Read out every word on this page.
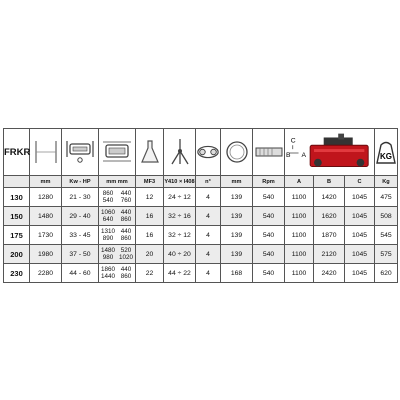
FRKR									C
B A			KG

	mm	Kw - HP	mm mm	MF3	Y410 × I408	n°	mm	Rpm	A	B	C	Kg
130	1280	21 - 30	860 440
540 760	12	24 ÷ 12	4	139	540	1100	1420	1045	475
150	1480	29 - 40	1060 440
640 860	16	32 ÷ 16	4	139	540	1100	1620	1045	508
175	1730	33 - 45	1310 440
890 860	16	32 ÷ 12	4	139	540	1100	1870	1045	545
200	1980	37 - 50	1480 520
980 1020	20	40 ÷ 20	4	139	540	1100	2120	1045	575
230	2280	44 - 60	1860 440
1440 860	22	44 ÷ 22	4	168	540	1100	2420	1045	620
